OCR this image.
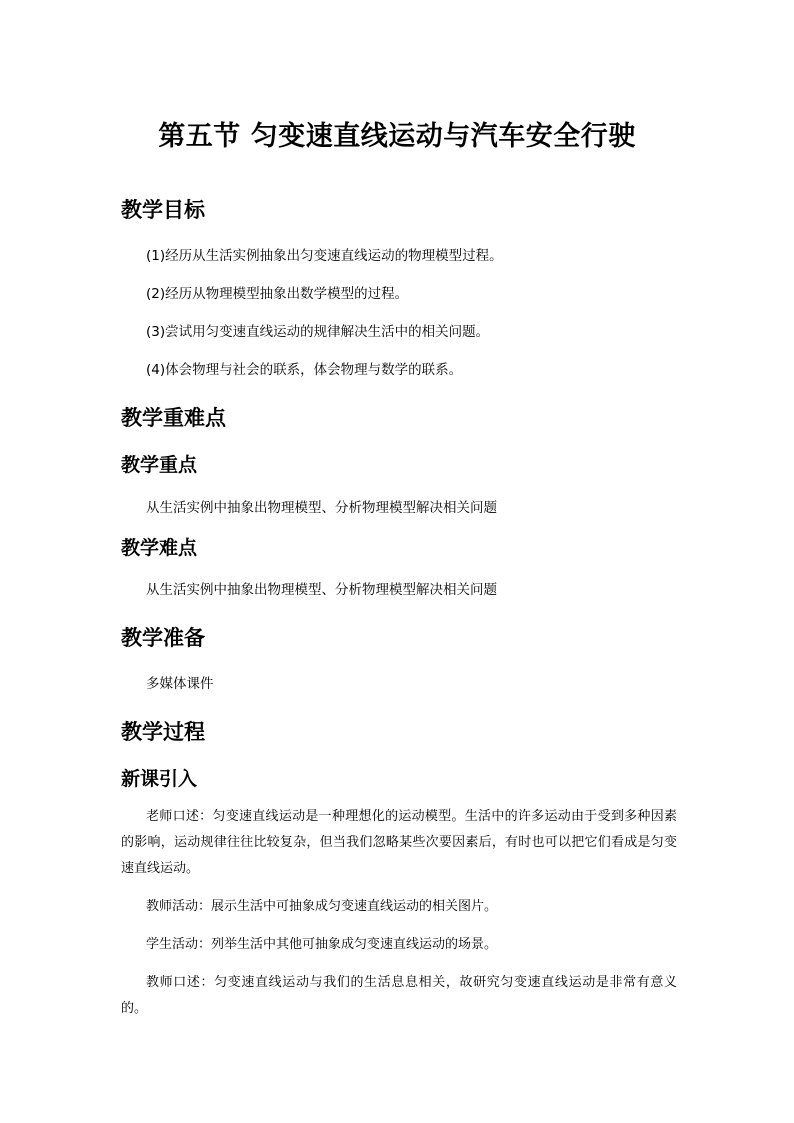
第五节 匀变速直线运动与汽车安全行驶
教学目标

(1)经历从生活实例抽象出匀变速直线运动的物理模型过程。

(2)经历从物理模型抽象出数学模型的过程。

(3)尝试用匀变速直线运动的规律解决生活中的相关问题。

(4)体会物理与社会的联系，体会物理与数学的联系。

教学重难点
教学重点

从生活实例中抽象出物理模型、分析物理模型解决相关问题

教学难点

从生活实例中抽象出物理模型、分析物理模型解决相关问题

教学准备

多媒体课件

教学过程
新课引入

老师口述：匀变速直线运动是一种理想化的运动模型。生活中的许多运动由于受到多种因素的影响，运动规律往往比较复杂，但当我们忽略某些次要因素后，有时也可以把它们看成是匀变速直线运动。

教师活动：展示生活中可抽象成匀变速直线运动的相关图片。

学生活动：列举生活中其他可抽象成匀变速直线运动的场景。

教师口述：匀变速直线运动与我们的生活息息相关，故研究匀变速直线运动是非常有意义的。
